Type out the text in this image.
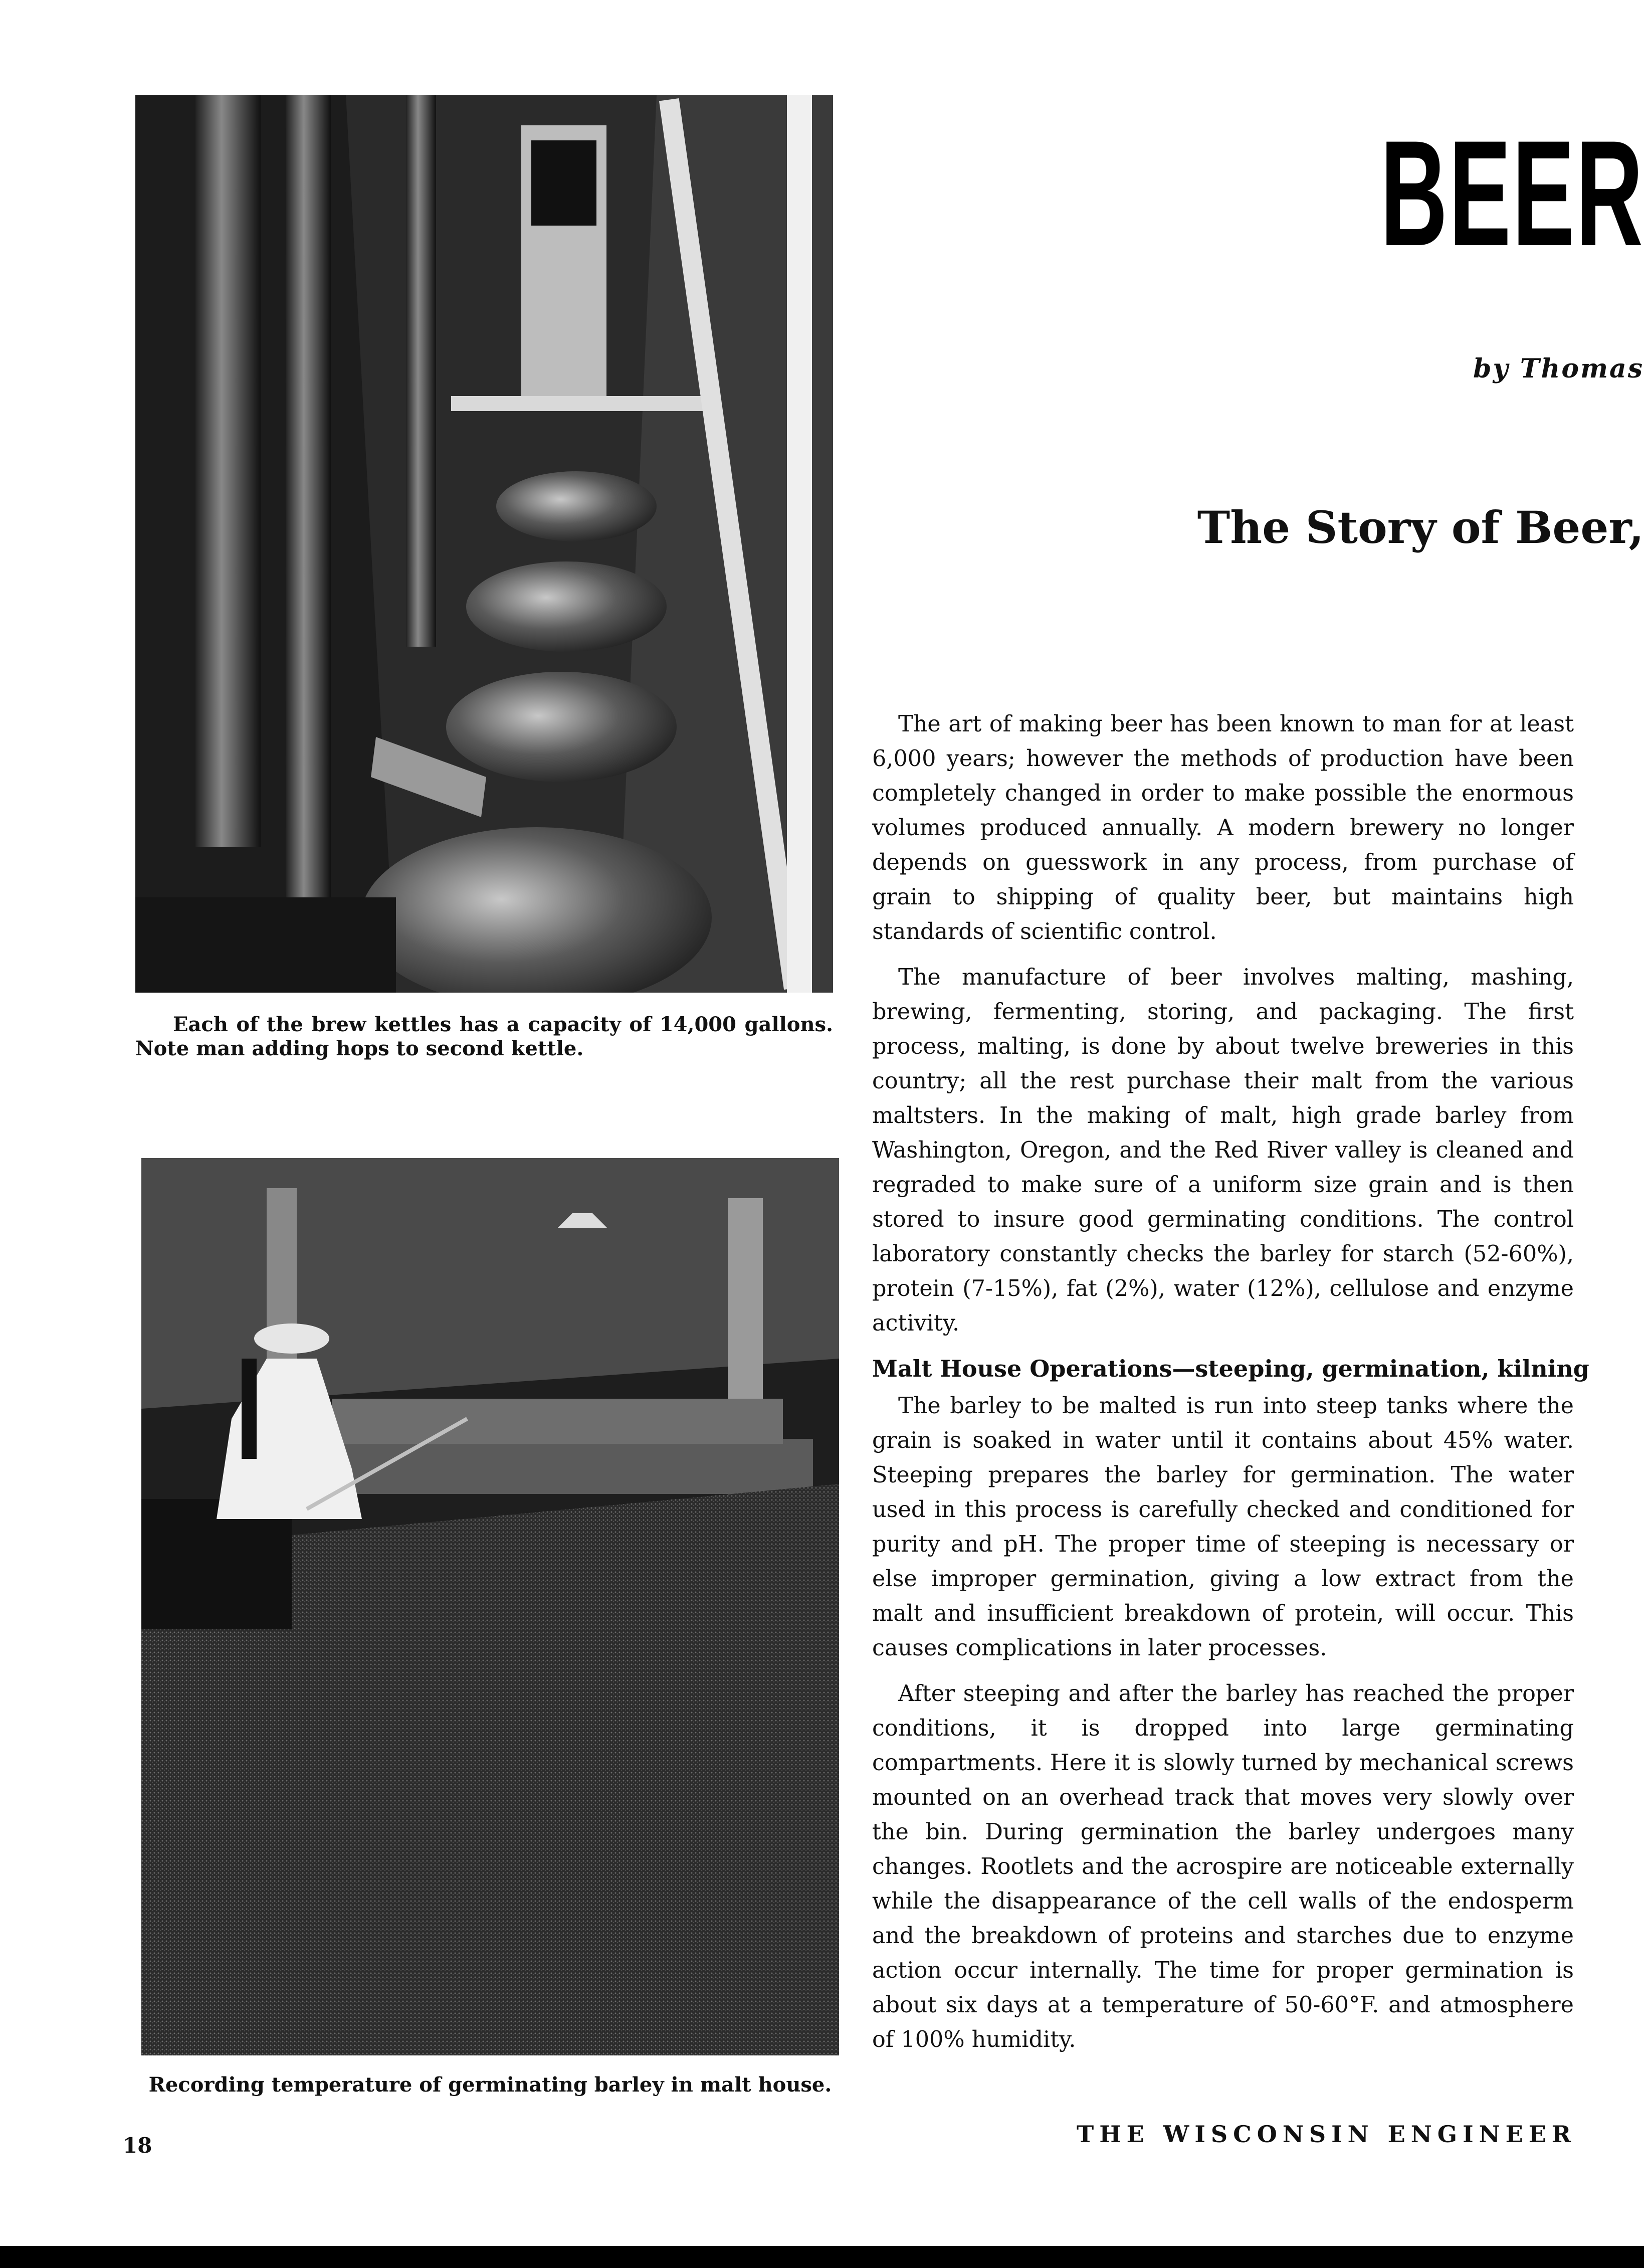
Each of the brew kettles has a capacity of 14,000 gallons. Note man adding hops to second kettle.
Recording temperature of germinating barley in malt house.
BEER

by Thomas

The Story of Beer,

The art of making beer has been known to man for at least 6,000 years; however the methods of production have been completely changed in order to make possible the enormous volumes produced annually. A modern brewery no longer depends on guesswork in any process, from purchase of grain to shipping of quality beer, but maintains high standards of scientific control.

The manufacture of beer involves malting, mashing, brewing, fermenting, storing, and packaging. The first process, malting, is done by about twelve breweries in this country; all the rest purchase their malt from the various maltsters. In the making of malt, high grade barley from Washington, Oregon, and the Red River valley is cleaned and regraded to make sure of a uniform size grain and is then stored to insure good germinating conditions. The control laboratory constantly checks the barley for starch (52-60%), protein (7-15%), fat (2%), water (12%), cellulose and enzyme activity.

Malt House Operations—steeping, germination, kilning

The barley to be malted is run into steep tanks where the grain is soaked in water until it contains about 45% water. Steeping prepares the barley for germination. The water used in this process is carefully checked and conditioned for purity and pH. The proper time of steeping is necessary or else improper germination, giving a low extract from the malt and insufficient breakdown of protein, will occur. This causes complications in later processes.

After steeping and after the barley has reached the proper conditions, it is dropped into large germinating compartments. Here it is slowly turned by mechanical screws mounted on an overhead track that moves very slowly over the bin. During germination the barley undergoes many changes. Rootlets and the acrospire are noticeable externally while the disappearance of the cell walls of the endosperm and the breakdown of proteins and starches due to enzyme action occur internally. The time for proper germination is about six days at a temperature of 50-60°F. and atmosphere of 100% humidity.

18	THE WISCONSIN ENGINEER
